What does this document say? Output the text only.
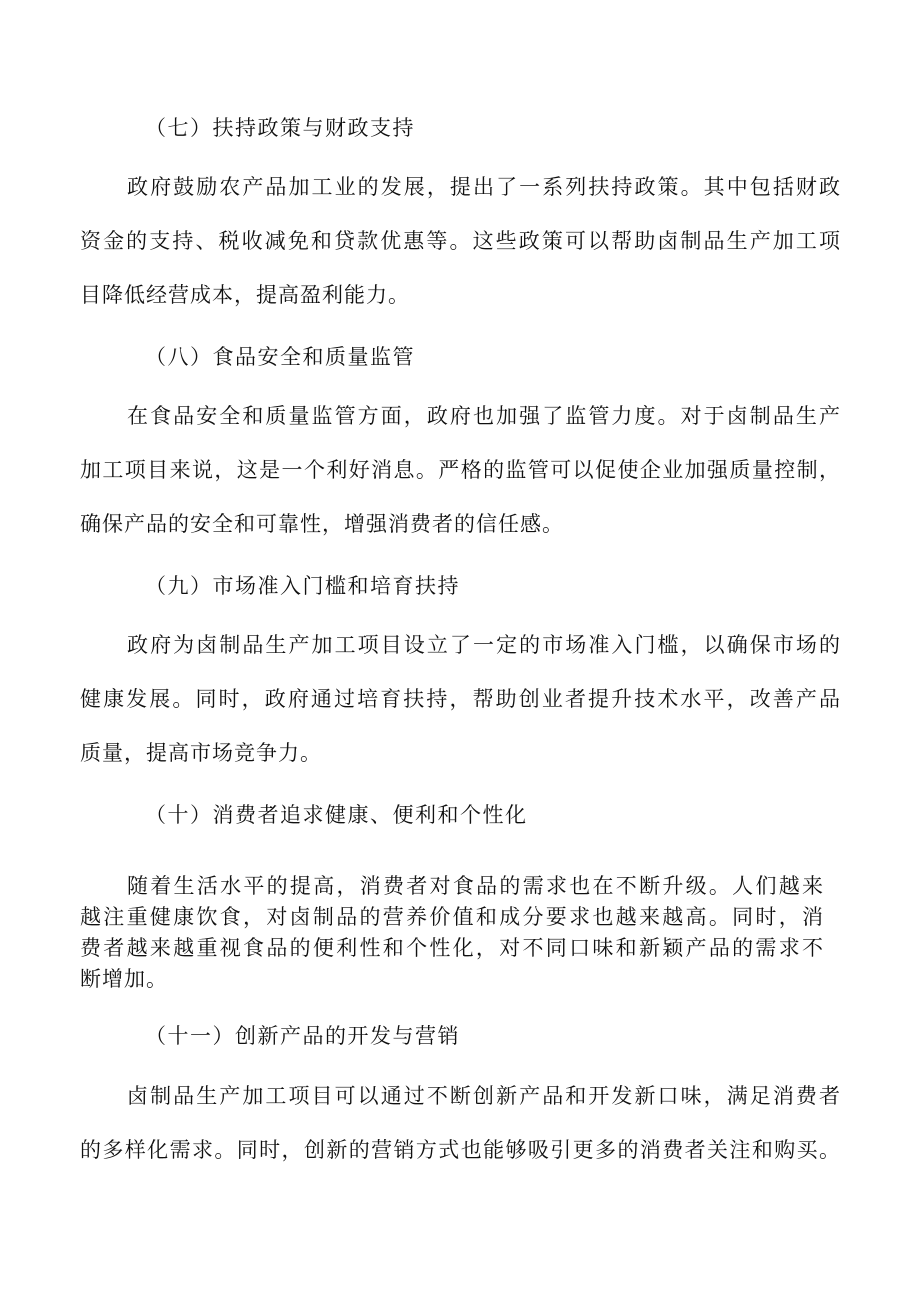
（七）扶持政策与财政支持
政府鼓励农产品加工业的发展，提出了一系列扶持政策。其中包括财政
资金的支持、税收减免和贷款优惠等。这些政策可以帮助卤制品生产加工项
目降低经营成本，提高盈利能力。
（八）食品安全和质量监管
在食品安全和质量监管方面，政府也加强了监管力度。对于卤制品生产
加工项目来说，这是一个利好消息。严格的监管可以促使企业加强质量控制，
确保产品的安全和可靠性，增强消费者的信任感。
（九）市场准入门槛和培育扶持
政府为卤制品生产加工项目设立了一定的市场准入门槛，以确保市场的
健康发展。同时，政府通过培育扶持，帮助创业者提升技术水平，改善产品
质量，提高市场竞争力。
（十）消费者追求健康、便利和个性化
随着生活水平的提高，消费者对食品的需求也在不断升级。人们越来
越注重健康饮食，对卤制品的营养价值和成分要求也越来越高。同时，消
费者越来越重视食品的便利性和个性化，对不同口味和新颖产品的需求不
断增加。
（十一）创新产品的开发与营销
卤制品生产加工项目可以通过不断创新产品和开发新口味，满足消费者
的多样化需求。同时，创新的营销方式也能够吸引更多的消费者关注和购买。
